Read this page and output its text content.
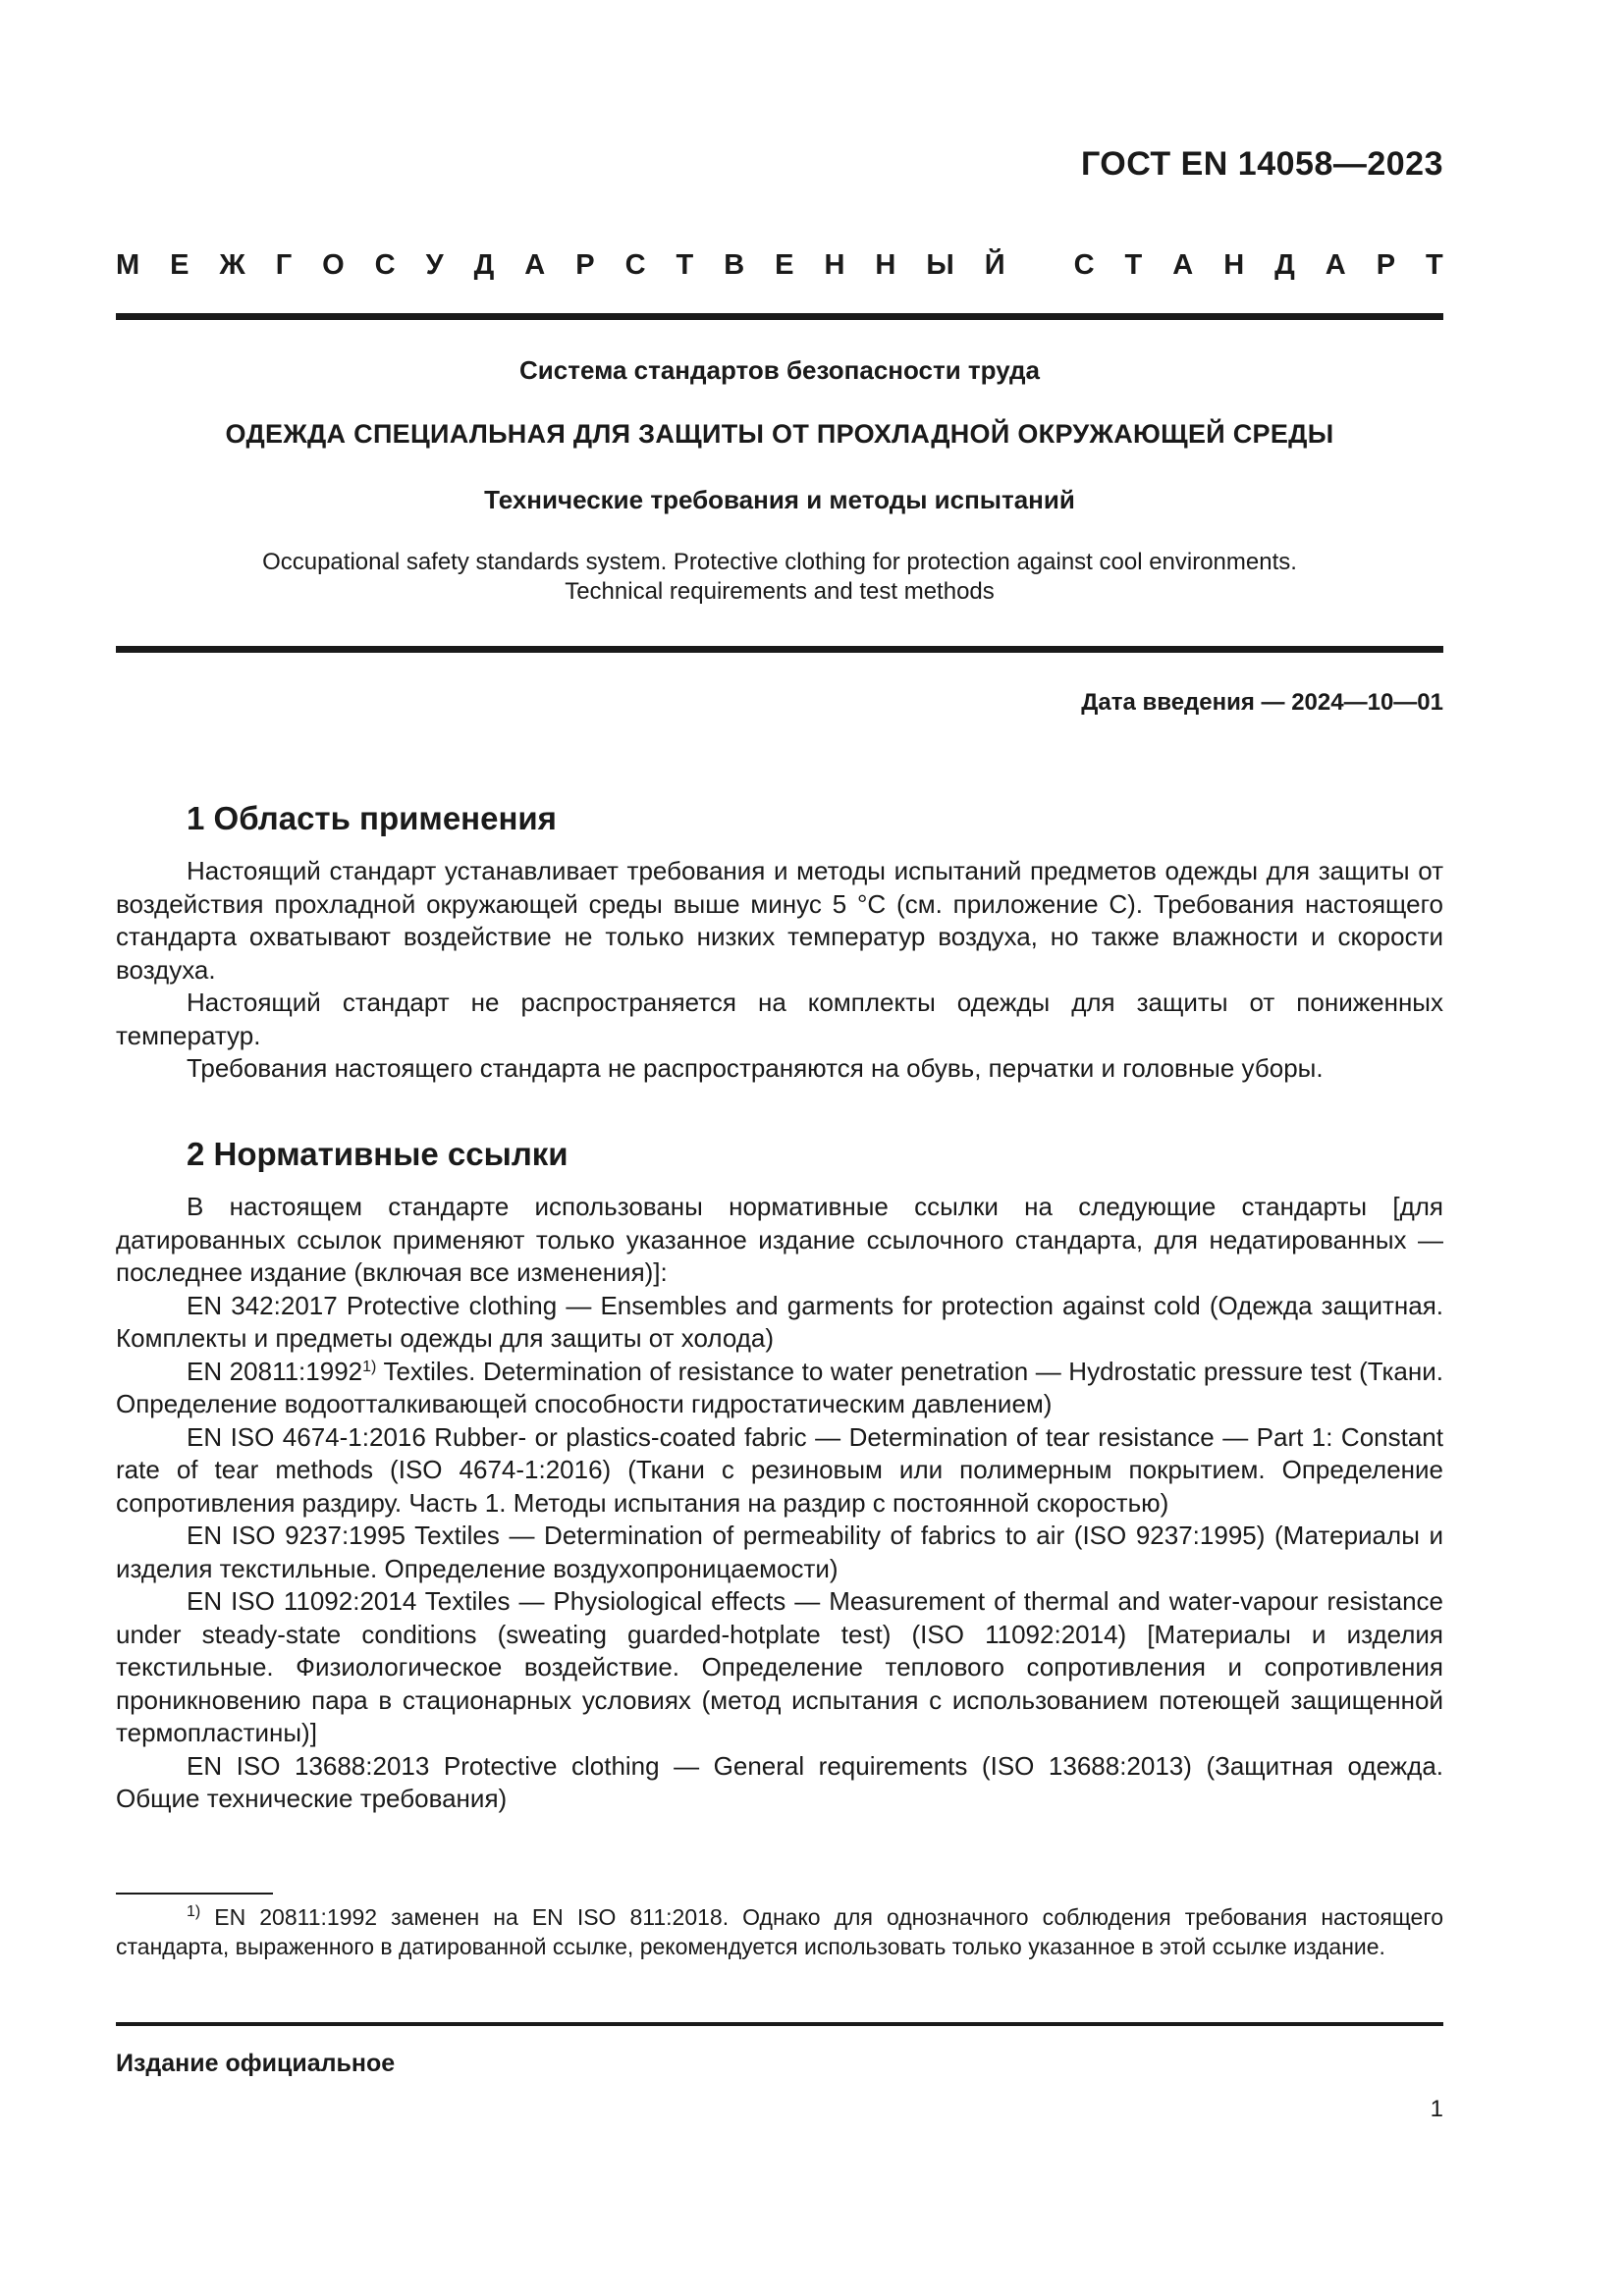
ГОСТ EN 14058—2023
М Е Ж Г О С У Д А Р С Т В Е Н Н Ы Й
С Т А Н Д А Р Т
Система стандартов безопасности труда
ОДЕЖДА СПЕЦИАЛЬНАЯ ДЛЯ ЗАЩИТЫ ОТ ПРОХЛАДНОЙ ОКРУЖАЮЩЕЙ СРЕДЫ
Технические требования и методы испытаний
Occupational safety standards system. Protective clothing for protection against cool environments.
Technical requirements and test methods
Дата введения — 2024—10—01
1 Область применения

Настоящий стандарт устанавливает требования и методы испытаний предметов одежды для защиты от воздействия прохладной окружающей среды выше минус 5 °С (см. приложение С). Требования настоящего стандарта охватывают воздействие не только низких температур воздуха, но также влажности и скорости воздуха.

Настоящий стандарт не распространяется на комплекты одежды для защиты от пониженных температур.

Требования настоящего стандарта не распространяются на обувь, перчатки и головные уборы.

2 Нормативные ссылки

В настоящем стандарте использованы нормативные ссылки на следующие стандарты [для датированных ссылок применяют только указанное издание ссылочного стандарта, для недатированных — последнее издание (включая все изменения)]:

EN 342:2017 Protective clothing — Ensembles and garments for protection against cold (Одежда защитная. Комплекты и предметы одежды для защиты от холода)

EN 20811:1992$^{1)}$ Textiles. Determination of resistance to water penetration — Hydrostatic pressure test (Ткани. Определение водоотталкивающей способности гидростатическим давлением)

EN ISO 4674-1:2016 Rubber- or plastics-coated fabric — Determination of tear resistance — Part 1: Constant rate of tear methods (ISO 4674-1:2016) (Ткани с резиновым или полимерным покрытием. Определение сопротивления раздиру. Часть 1. Методы испытания на раздир с постоянной скоростью)

EN ISO 9237:1995 Textiles — Determination of permeability of fabrics to air (ISO 9237:1995) (Материалы и изделия текстильные. Определение воздухопроницаемости)

EN ISO 11092:2014 Textiles — Physiological effects — Measurement of thermal and water-vapour resistance under steady-state conditions (sweating guarded-hotplate test) (ISO 11092:2014) [Материалы и изделия текстильные. Физиологическое воздействие. Определение теплового сопротивления и сопротивления проникновению пара в стационарных условиях (метод испытания с использованием потеющей защищенной термопластины)]

EN ISO 13688:2013 Protective clothing — General requirements (ISO 13688:2013) (Защитная одежда. Общие технические требования)

$^{1)}$ EN 20811:1992 заменен на EN ISO 811:2018. Однако для однозначного соблюдения требования настоящего стандарта, выраженного в датированной ссылке, рекомендуется использовать только указанное в этой ссылке издание.

Издание официальное
1
